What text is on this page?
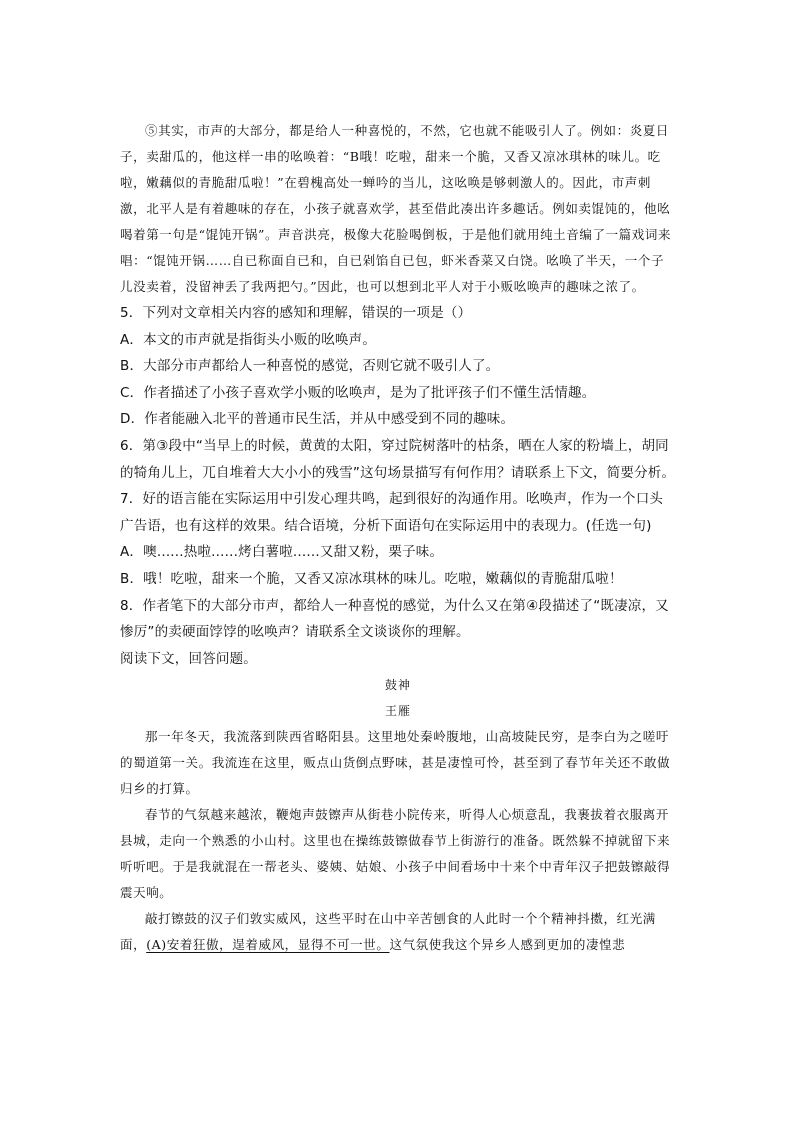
⑤其实，市声的大部分，都是给人一种喜悦的，不然，它也就不能吸引人了。例如：炎夏日子，卖甜瓜的，他这样一串的吆唤着：“B哦！吃啦，甜来一个脆，又香又凉冰琪林的味儿。吃啦，嫩藕似的青脆甜瓜啦！”在碧槐高处一蝉吟的当儿，这吆唤是够刺激人的。因此，市声刺激，北平人是有着趣味的存在，小孩子就喜欢学，甚至借此凑出许多趣话。例如卖馄饨的，他吆喝着第一句是“馄饨开锅”。声音洪亮，极像大花脸喝倒板，于是他们就用纯土音编了一篇戏词来唱：“馄饨开锅……自已称面自已和，自已剁馅自已包，虾米香菜又白饶。吆唤了半天，一个子儿没卖着，没留神丢了我两把勺。”因此，也可以想到北平人对于小贩吆唤声的趣味之浓了。

5．下列对文章相关内容的感知和理解，错误的一项是（）

A．本文的市声就是指街头小贩的吆唤声。

B．大部分市声都给人一种喜悦的感觉，否则它就不吸引人了。

C．作者描述了小孩子喜欢学小贩的吆唤声，是为了批评孩子们不懂生活情趣。

D．作者能融入北平的普通市民生活，并从中感受到不同的趣味。

6．第③段中“当早上的时候，黄黄的太阳，穿过院树落叶的枯条，晒在人家的粉墙上，胡同的犄角儿上，兀自堆着大大小小的残雪”这句场景描写有何作用？请联系上下文，简要分析。

7．好的语言能在实际运用中引发心理共鸣，起到很好的沟通作用。吆唤声，作为一个口头广告语，也有这样的效果。结合语境，分析下面语句在实际运用中的表现力。(任选一句)

A．噢......热啦......烤白薯啦......又甜又粉，栗子味。

B．哦！吃啦，甜来一个脆，又香又凉冰琪林的味儿。吃啦，嫩藕似的青脆甜瓜啦！

8．作者笔下的大部分市声，都给人一种喜悦的感觉，为什么又在第④段描述了“既凄凉，又惨厉”的卖硬面饽饽的吆唤声？请联系全文谈谈你的理解。

阅读下文，回答问题。

鼓神

王雁

那一年冬天，我流落到陕西省略阳县。这里地处秦岭腹地，山高坡陡民穷，是李白为之嗟吁的蜀道第一关。我流连在这里，贩点山货倒点野味，甚是凄惶可怜，甚至到了春节年关还不敢做归乡的打算。

春节的气氛越来越浓，鞭炮声鼓镲声从街巷小院传来，听得人心烦意乱，我裹拔着衣服离开县城，走向一个熟悉的小山村。这里也在操练鼓镲做春节上街游行的准备。既然躲不掉就留下来听听吧。于是我就混在一帮老头、婆姨、姑娘、小孩子中间看场中十来个中青年汉子把鼓镲敲得震天响。

敲打镲鼓的汉子们敦实威风，这些平时在山中辛苦刨食的人此时一个个精神抖擞，红光满面，(A)安着狂傲，逞着威风，显得不可一世。这气氛使我这个异乡人感到更加的凄惶悲
